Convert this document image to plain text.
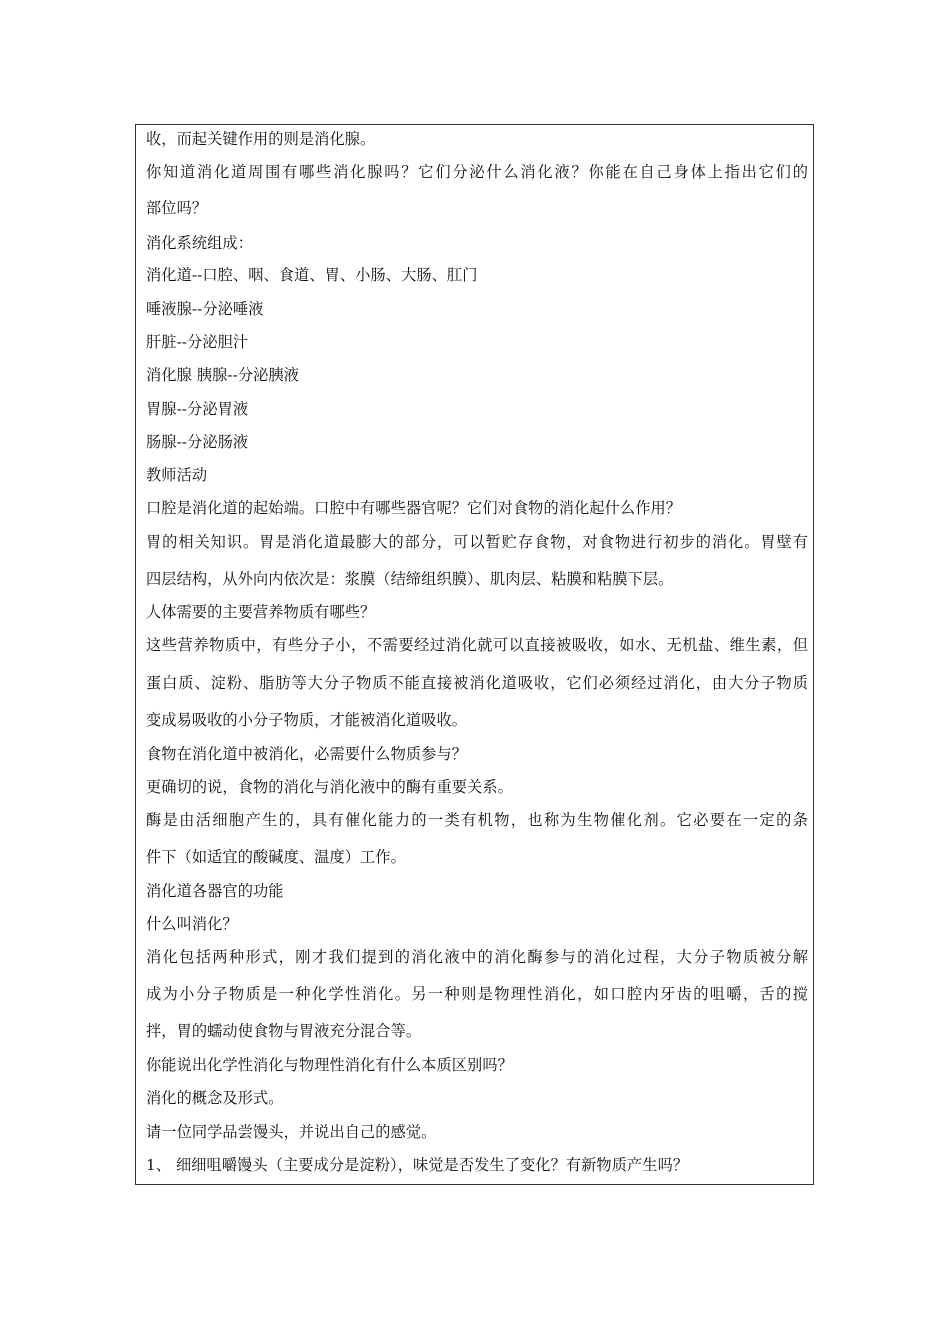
收，而起关键作用的则是消化腺。
你知道消化道周围有哪些消化腺吗？它们分泌什么消化液？你能在自己身体上指出它们的
部位吗？
消化系统组成：
消化道--口腔、咽、食道、胃、小肠、大肠、肛门
唾液腺--分泌唾液
肝脏--分泌胆汁
消化腺 胰腺--分泌胰液
胃腺--分泌胃液
肠腺--分泌肠液
教师活动
口腔是消化道的起始端。口腔中有哪些器官呢？它们对食物的消化起什么作用？
胃的相关知识。胃是消化道最膨大的部分，可以暂贮存食物，对食物进行初步的消化。胃壁有
四层结构，从外向内依次是：浆膜（结缔组织膜）、肌肉层、粘膜和粘膜下层。
人体需要的主要营养物质有哪些？
这些营养物质中，有些分子小，不需要经过消化就可以直接被吸收，如水、无机盐、维生素，但
蛋白质、淀粉、脂肪等大分子物质不能直接被消化道吸收，它们必须经过消化，由大分子物质
变成易吸收的小分子物质，才能被消化道吸收。
食物在消化道中被消化，必需要什么物质参与？
更确切的说，食物的消化与消化液中的酶有重要关系。
酶是由活细胞产生的，具有催化能力的一类有机物，也称为生物催化剂。它必要在一定的条
件下（如适宜的酸碱度、温度）工作。
消化道各器官的功能
什么叫消化？
消化包括两种形式，刚才我们提到的消化液中的消化酶参与的消化过程，大分子物质被分解
成为小分子物质是一种化学性消化。另一种则是物理性消化，如口腔内牙齿的咀嚼，舌的搅
拌，胃的蠕动使食物与胃液充分混合等。
你能说出化学性消化与物理性消化有什么本质区别吗？
消化的概念及形式。
请一位同学品尝馒头，并说出自己的感觉。
1、 细细咀嚼馒头（主要成分是淀粉），味觉是否发生了变化？有新物质产生吗？
